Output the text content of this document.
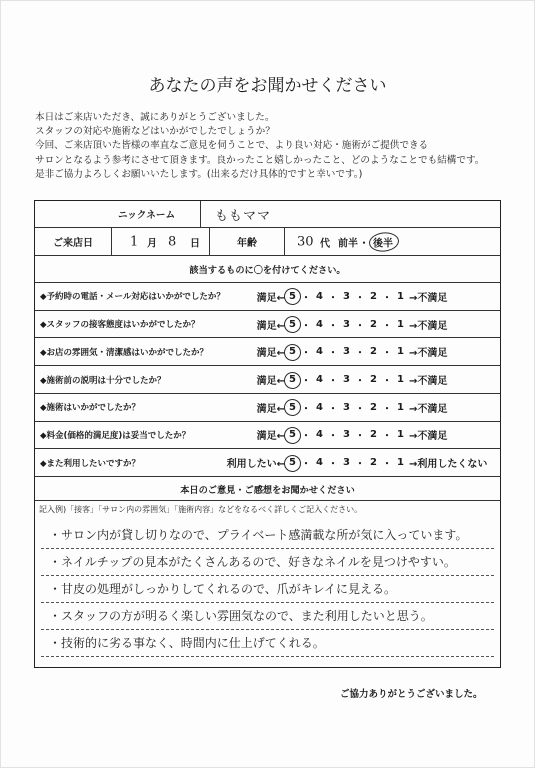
あなたの声をお聞かせください
本日はご来店いただき、誠にありがとうございました。
スタッフの対応や施術などはいかがでしたでしょうか？
今回、ご来店頂いた皆様の率直なご意見を伺うことで、より良い対応・施術がご提供できる
サロンとなるよう参考にさせて頂きます。良かったこと嬉しかったこと、どのようなことでも結構です。
是非ご協力よろしくお願いいたします。(出来るだけ具体的ですと幸いです。)
ニックネーム	ももママ
ご来店日	1 月 8 日	年齢	30 代 前半 ・ 後半
該当するものに〇を付けてください。
◆予約時の電話・メール対応はいかがでしたか？	満足← 5 ・ 4 ・ 3 ・ 2 ・ 1 →不満足
◆スタッフの接客態度はいかがでしたか？	満足← 5 ・ 4 ・ 3 ・ 2 ・ 1 →不満足
◆お店の雰囲気・清潔感はいかがでしたか？	満足← 5 ・ 4 ・ 3 ・ 2 ・ 1 →不満足
◆施術前の説明は十分でしたか？	満足← 5 ・ 4 ・ 3 ・ 2 ・ 1 →不満足
◆施術はいかがでしたか？	満足← 5 ・ 4 ・ 3 ・ 2 ・ 1 →不満足
◆料金(価格的満足度)は妥当でしたか？	満足← 5 ・ 4 ・ 3 ・ 2 ・ 1 →不満足
◆また利用したいですか？	利用したい← 5 ・ 4 ・ 3 ・ 2 ・ 1 →利用したくない
本日のご意見・ご感想をお聞かせください
記入例)「接客」「サロン内の雰囲気」「施術内容」などをなるべく詳しくご記入ください。
・サロン内が貸し切りなので、プライベート感満載な所が気に入っています。
・ネイルチップの見本がたくさんあるので、好きなネイルを見つけやすい。
・甘皮の処理がしっかりしてくれるので、爪がキレイに見える。
・スタッフの方が明るく楽しい雰囲気なので、また利用したいと思う。
・技術的に劣る事なく、時間内に仕上げてくれる。
ご協力ありがとうございました。
